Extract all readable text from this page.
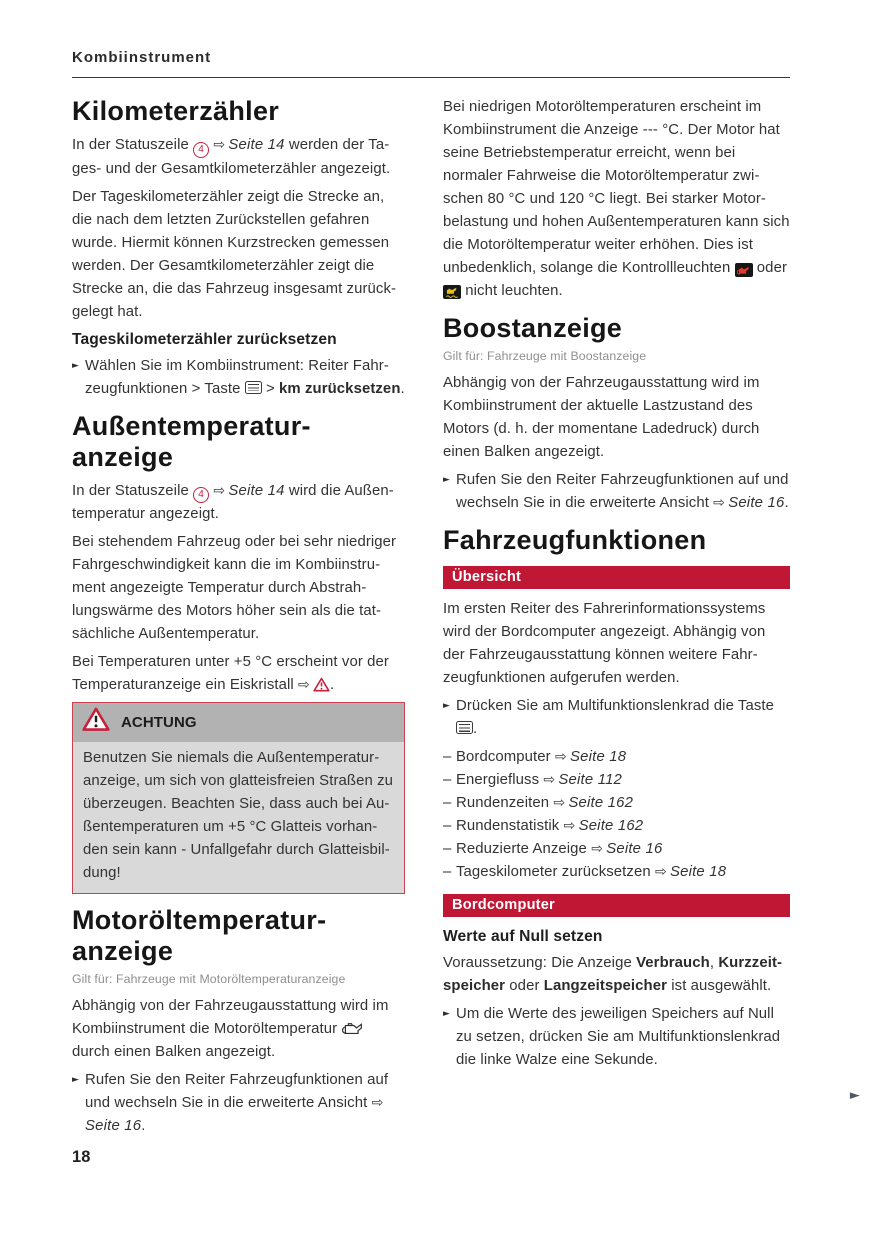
Kombiinstrument
Kilometerzähler

In der Statuszeile 4 ⇨ Seite 14 werden der Tages- und der Gesamtkilometerzähler angezeigt.

Der Tageskilometerzähler zeigt die Strecke an, die nach dem letzten Zurückstellen gefahren wurde. Hiermit können Kurzstrecken gemessen werden. Der Gesamtkilometerzähler zeigt die Strecke an, die das Fahrzeug insgesamt zurückgelegt hat.

Tageskilometerzähler zurücksetzen
► Wählen Sie im Kombiinstrument: Reiter Fahrzeugfunktionen > Taste  > km zurücksetzen.
Außentemperatur-anzeige

In der Statuszeile 4 ⇨ Seite 14 wird die Außentemperatur angezeigt.

Bei stehendem Fahrzeug oder bei sehr niedriger Fahrgeschwindigkeit kann die im Kombiinstrument angezeigte Temperatur durch Abstrahlungswärme des Motors höher sein als die tatsächliche Außentemperatur.

Bei Temperaturen unter +5 °C erscheint vor der Temperaturanzeige ein Eiskristall ⇨  .

ACHTUNG

Benutzen Sie niemals die Außentemperaturanzeige, um sich von glatteisfreien Straßen zu überzeugen. Beachten Sie, dass auch bei Außentemperaturen um +5 °C Glatteis vorhanden sein kann - Unfallgefahr durch Glatteisbildung!

Motoröltemperatur-anzeige
Gilt für: Fahrzeuge mit Motoröltemperaturanzeige

Abhängig von der Fahrzeugausstattung wird im Kombiinstrument die Motoröltemperatur  durch einen Balken angezeigt.

► Rufen Sie den Reiter Fahrzeugfunktionen auf und wechseln Sie in die erweiterte Ansicht ⇨ Seite 16.

Bei niedrigen Motoröltemperaturen erscheint im Kombiinstrument die Anzeige --- °C. Der Motor hat seine Betriebstemperatur erreicht, wenn bei normaler Fahrweise die Motoröltemperatur zwischen 80 °C und 120 °C liegt. Bei starker Motorbelastung und hohen Außentemperaturen kann sich die Motoröltemperatur weiter erhöhen. Dies ist unbedenklich, solange die Kontrollleuchten
oder
nicht leuchten.

Boostanzeige
Gilt für: Fahrzeuge mit Boostanzeige

Abhängig von der Fahrzeugausstattung wird im Kombiinstrument der aktuelle Lastzustand des Motors (d. h. der momentane Ladedruck) durch einen Balken angezeigt.

► Rufen Sie den Reiter Fahrzeugfunktionen auf und wechseln Sie in die erweiterte Ansicht ⇨ Seite 16.
Fahrzeugfunktionen
Übersicht

Im ersten Reiter des Fahrerinformationssystems wird der Bordcomputer angezeigt. Abhängig von der Fahrzeugausstattung können weitere Fahrzeugfunktionen aufgerufen werden.

► Drücken Sie am Multifunktionslenkrad die Taste .
– Bordcomputer ⇨ Seite 18
– Energiefluss ⇨ Seite 112
– Rundenzeiten ⇨ Seite 162
– Rundenstatistik ⇨ Seite 162
– Reduzierte Anzeige ⇨ Seite 16
– Tageskilometer zurücksetzen ⇨ Seite 18
Bordcomputer
Werte auf Null setzen

Voraussetzung: Die Anzeige Verbrauch, Kurzzeitspeicher oder Langzeitspeicher ist ausgewählt.

► Um die Werte des jeweiligen Speichers auf Null zu setzen, drücken Sie am Multifunktionslenkrad die linke Walze eine Sekunde.
18
►
